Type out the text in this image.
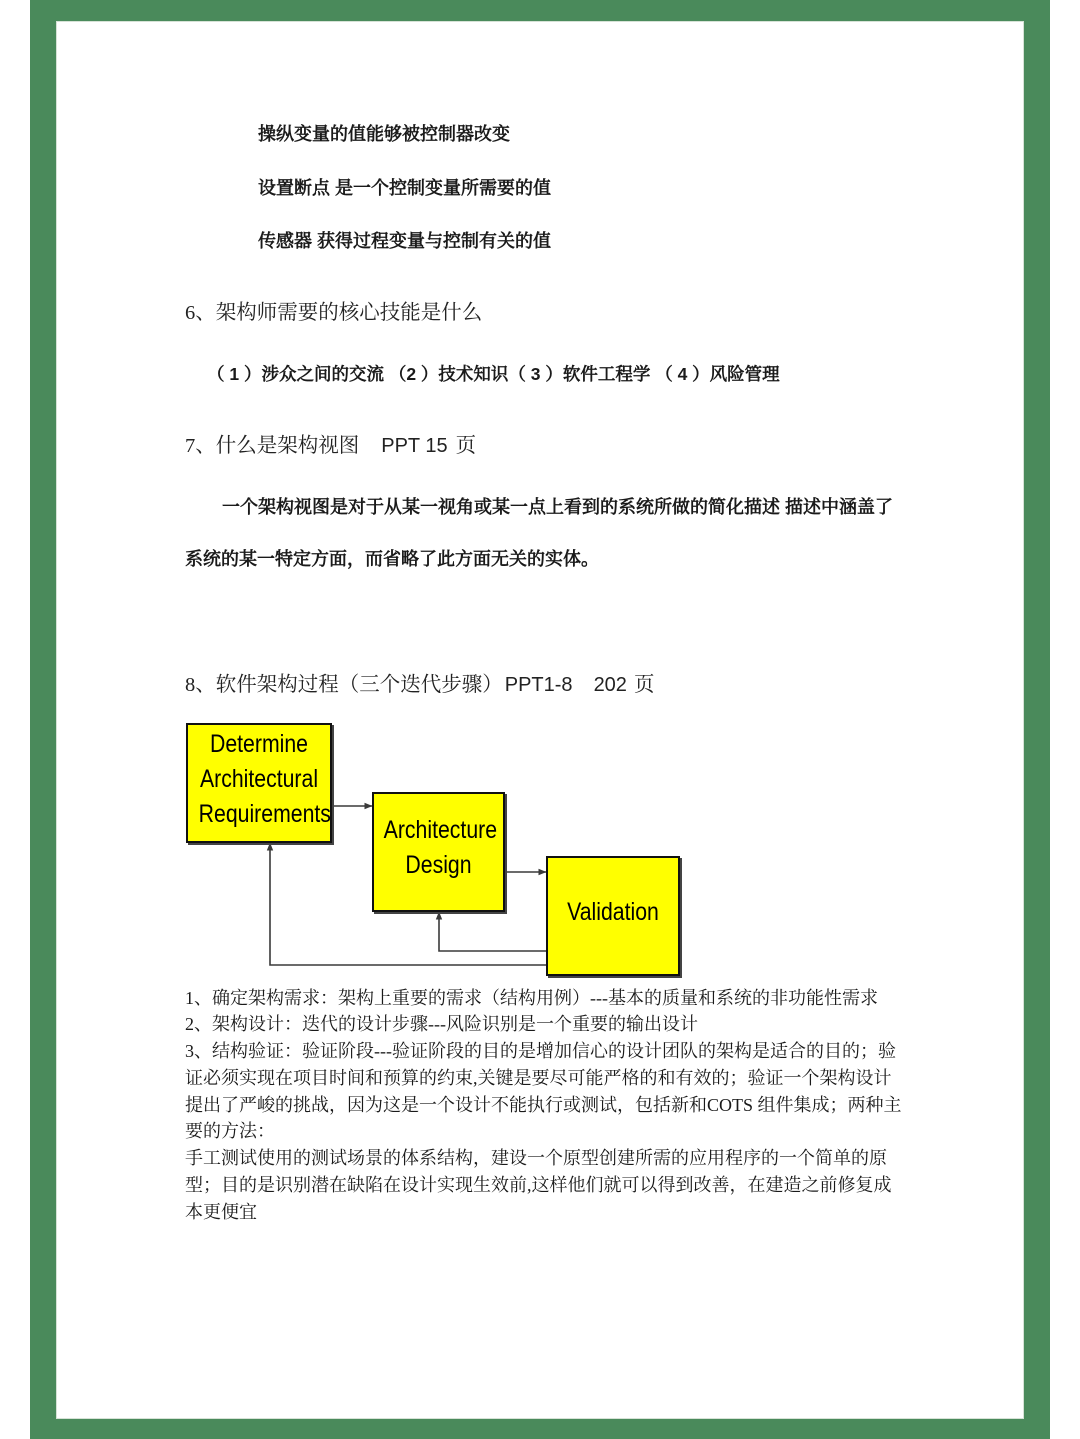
操纵变量的值能够被控制器改变
设置断点 是一个控制变量所需要的值
传感器 获得过程变量与控制有关的值
6、架构师需要的核心技能是什么
（ 1 ）涉众之间的交流 （2 ）技术知识（ 3 ）软件工程学 （ 4 ）风险管理
7、什么是架构视图 PPT 15 页
一个架构视图是对于从某一视角或某一点上看到的系统所做的简化描述 描述中涵盖了
系统的某一特定方面，而省略了此方面无关的实体。
8、软件架构过程（三个迭代步骤） PPT1-8 202 页
Determine
Architectural
Requirements
Architecture
Design
Validation
1、确定架构需求：架构上重要的需求（结构用例）---基本的质量和系统的非功能性需求
2、架构设计：迭代的设计步骤---风险识别是一个重要的输出设计
3、结构验证：验证阶段---验证阶段的目的是增加信心的设计团队的架构是适合的目的；验
证必须实现在项目时间和预算的约束,关键是要尽可能严格的和有效的；验证一个架构设计
提出了严峻的挑战，因为这是一个设计不能执行或测试，包括新和COTS 组件集成；两种主
要的方法：
手工测试使用的测试场景的体系结构，建设一个原型创建所需的应用程序的一个简单的原
型；目的是识别潜在缺陷在设计实现生效前,这样他们就可以得到改善，在建造之前修复成
本更便宜
